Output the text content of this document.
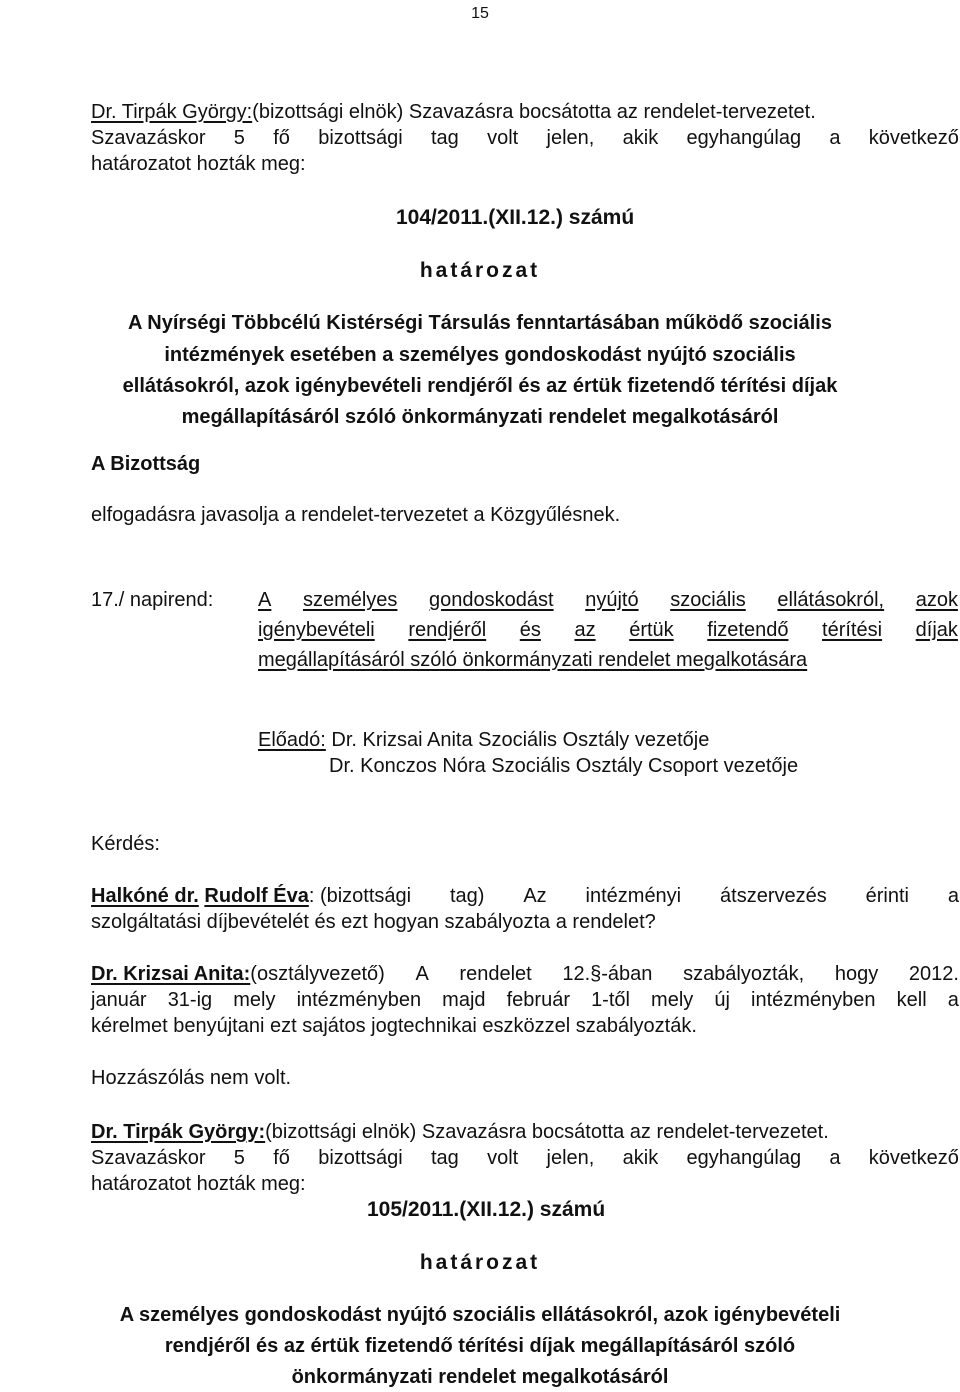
15
Dr. Tirpák György:(bizottsági elnök) Szavazásra bocsátotta az rendelet-tervezetet.
Szavazáskor 5 fő bizottsági tag volt jelen, akik egyhangúlag a következő
határozatot hozták meg:
104/2011.(XII.12.) számú
határozat
A Nyírségi Többcélú Kistérségi Társulás fenntartásában működő szociális
intézmények esetében a személyes gondoskodást nyújtó szociális
ellátásokról, azok igénybevételi rendjéről és az értük fizetendő térítési díjak
megállapításáról szóló önkormányzati rendelet megalkotásáról
A Bizottság
elfogadásra javasolja a rendelet-tervezetet a Közgyűlésnek.
17./ napirend: A személyes gondoskodást nyújtó szociális ellátásokról, azok
igénybevételi rendjéről és az értük fizetendő térítési díjak
megállapításáról szóló önkormányzati rendelet megalkotására
Előadó: Dr. Krizsai Anita Szociális Osztály vezetője
Dr. Konczos Nóra Szociális Osztály Csoport vezetője
Kérdés:
Halkóné dr. Rudolf Éva: (bizottsági tag) Az intézményi átszervezés érinti a
szolgáltatási díjbevételét és ezt hogyan szabályozta a rendelet?
Dr. Krizsai Anita:(osztályvezető) A rendelet 12.§-ában szabályozták, hogy 2012.
január 31-ig mely intézményben majd február 1-től mely új intézményben kell a
kérelmet benyújtani ezt sajátos jogtechnikai eszközzel szabályozták.
Hozzászólás nem volt.
Dr. Tirpák György:(bizottsági elnök) Szavazásra bocsátotta az rendelet-tervezetet.
Szavazáskor 5 fő bizottsági tag volt jelen, akik egyhangúlag a következő
határozatot hozták meg:
105/2011.(XII.12.) számú
határozat
A személyes gondoskodást nyújtó szociális ellátásokról, azok igénybevételi
rendjéről és az értük fizetendő térítési díjak megállapításáról szóló
önkormányzati rendelet megalkotásáról
